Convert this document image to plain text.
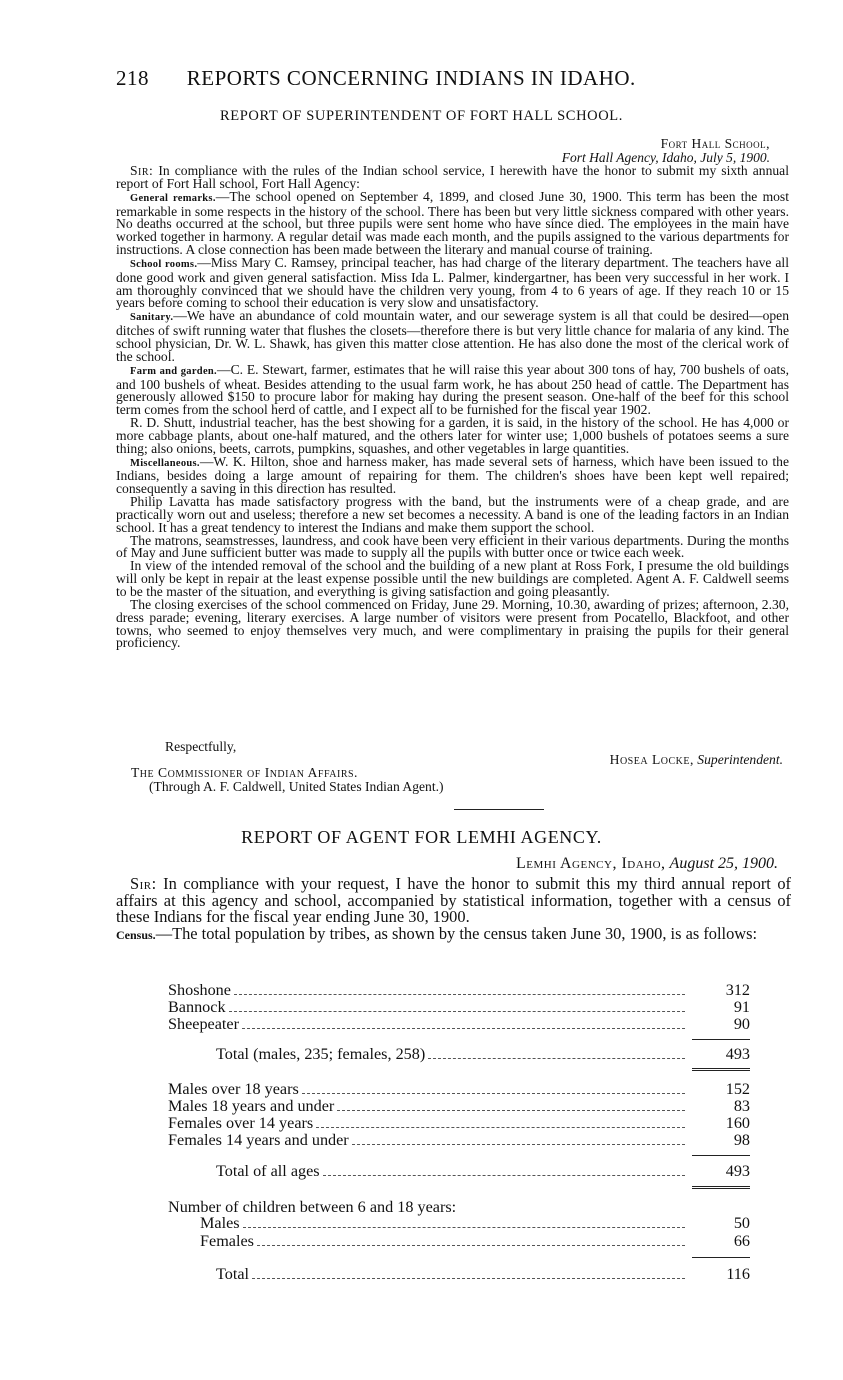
218 REPORTS CONCERNING INDIANS IN IDAHO.
REPORT OF SUPERINTENDENT OF FORT HALL SCHOOL.
Fort Hall School,
Fort Hall Agency, Idaho, July 5, 1900.

Sir: In compliance with the rules of the Indian school service, I herewith have the honor to submit my sixth annual report of Fort Hall school, Fort Hall Agency:

General remarks.—The school opened on September 4, 1899, and closed June 30, 1900. This term has been the most remarkable in some respects in the history of the school. There has been but very little sickness compared with other years. No deaths occurred at the school, but three pupils were sent home who have since died. The employees in the main have worked together in harmony. A regular detail was made each month, and the pupils assigned to the various departments for instructions. A close connection has been made between the literary and manual course of training.

School rooms.—Miss Mary C. Ramsey, principal teacher, has had charge of the literary department. The teachers have all done good work and given general satisfaction. Miss Ida L. Palmer, kindergartner, has been very successful in her work. I am thoroughly convinced that we should have the children very young, from 4 to 6 years of age. If they reach 10 or 15 years before coming to school their education is very slow and unsatisfactory.

Sanitary.—We have an abundance of cold mountain water, and our sewerage system is all that could be desired—open ditches of swift running water that flushes the closets—therefore there is but very little chance for malaria of any kind. The school physician, Dr. W. L. Shawk, has given this matter close attention. He has also done the most of the clerical work of the school.

Farm and garden.—C. E. Stewart, farmer, estimates that he will raise this year about 300 tons of hay, 700 bushels of oats, and 100 bushels of wheat. Besides attending to the usual farm work, he has about 250 head of cattle. The Department has generously allowed $150 to procure labor for making hay during the present season. One-half of the beef for this school term comes from the school herd of cattle, and I expect all to be furnished for the fiscal year 1902.

R. D. Shutt, industrial teacher, has the best showing for a garden, it is said, in the history of the school. He has 4,000 or more cabbage plants, about one-half matured, and the others later for winter use; 1,000 bushels of potatoes seems a sure thing; also onions, beets, carrots, pumpkins, squashes, and other vegetables in large quantities.

Miscellaneous.—W. K. Hilton, shoe and harness maker, has made several sets of harness, which have been issued to the Indians, besides doing a large amount of repairing for them. The children's shoes have been kept well repaired; consequently a saving in this direction has resulted.

Philip Lavatta has made satisfactory progress with the band, but the instruments were of a cheap grade, and are practically worn out and useless; therefore a new set becomes a necessity. A band is one of the leading factors in an Indian school. It has a great tendency to interest the Indians and make them support the school.

The matrons, seamstresses, laundress, and cook have been very efficient in their various departments. During the months of May and June sufficient butter was made to supply all the pupils with butter once or twice each week.

In view of the intended removal of the school and the building of a new plant at Ross Fork, I presume the old buildings will only be kept in repair at the least expense possible until the new buildings are completed. Agent A. F. Caldwell seems to be the master of the situation, and everything is giving satisfaction and going pleasantly.

The closing exercises of the school commenced on Friday, June 29. Morning, 10.30, awarding of prizes; afternoon, 2.30, dress parade; evening, literary exercises. A large number of visitors were present from Pocatello, Blackfoot, and other towns, who seemed to enjoy themselves very much, and were complimentary in praising the pupils for their general proficiency.

Respectfully,
Hosea Locke, Superintendent.
The Commissioner of Indian Affairs.
(Through A. F. Caldwell, United States Indian Agent.)
REPORT OF AGENT FOR LEMHI AGENCY.
Lemhi Agency, Idaho, August 25, 1900.

Sir: In compliance with your request, I have the honor to submit this my third annual report of affairs at this agency and school, accompanied by statistical information, together with a census of these Indians for the fiscal year ending June 30, 1900.

Census.—The total population by tribes, as shown by the census taken June 30, 1900, is as follows:

Shoshone	312
Bannock	91
Sheepeater	90
Total (males, 235; females, 258)	493
Males over 18 years	152
Males 18 years and under	83
Females over 14 years	160
Females 14 years and under	98
Total of all ages	493
Number of children between 6 and 18 years:
Males	50
Females	66
Total	116
